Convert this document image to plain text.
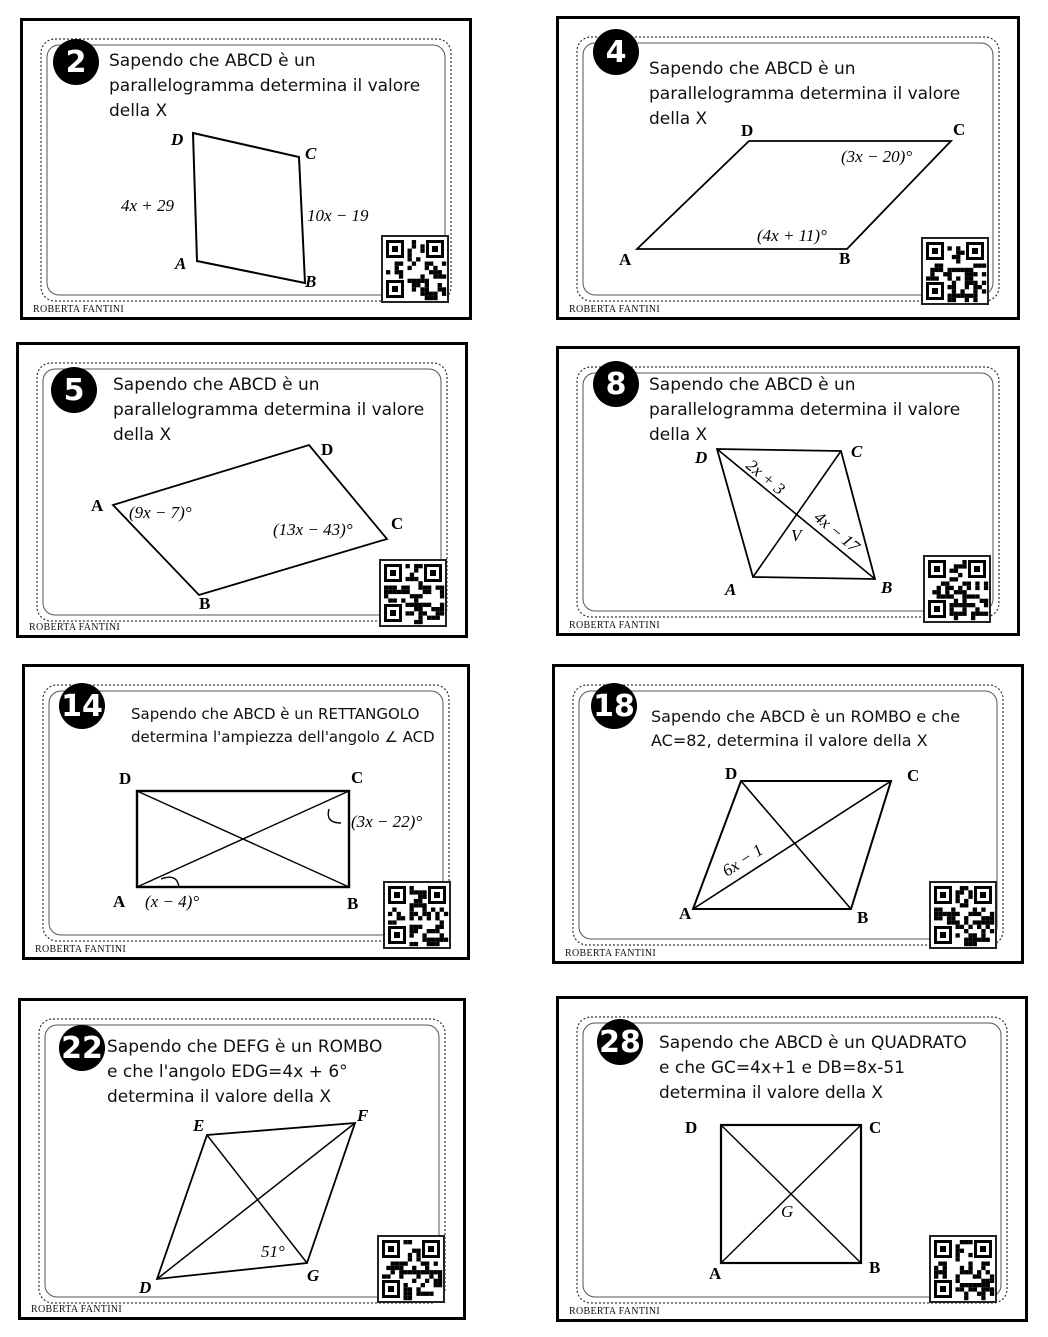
2	Sapendo che ABCD è un
parallelogramma determina il valore
della X
D
C
A
B
4x + 29
10x − 19
ROBERTA FANTINI
4	Sapendo che ABCD è un
parallelogramma determina il valore
della X
D	C
A	B
(3x − 20)°
(4x + 11)°
ROBERTA FANTINI
5	Sapendo che ABCD è un
parallelogramma determina il valore
della X
D
C
A
B
(9x − 7)°
(13x − 43)°
ROBERTA FANTINI
8	Sapendo che ABCD è un
parallelogramma determina il valore
della X
D	C
A	B
V
2x + 3
4x − 17
ROBERTA FANTINI
14 Sapendo che ABCD è un RETTANGOLO
determina l'ampiezza dell'angolo ∠ ACD
D	C
A	B
(3x − 22)°
(x − 4)°
ROBERTA FANTINI
18 Sapendo che ABCD è un ROMBO e che
AC=82, determina il valore della X
D	C
A	B
6x − 1
ROBERTA FANTINI
22 Sapendo che DEFG è un ROMBO
e che l'angolo EDG=4x + 6°
determina il valore della X
E
F
D
G
51°
ROBERTA FANTINI
28 Sapendo che ABCD è un QUADRATO
e che GC=4x+1 e DB=8x-51
determina il valore della X
D	C
A	B
G
ROBERTA FANTINI
